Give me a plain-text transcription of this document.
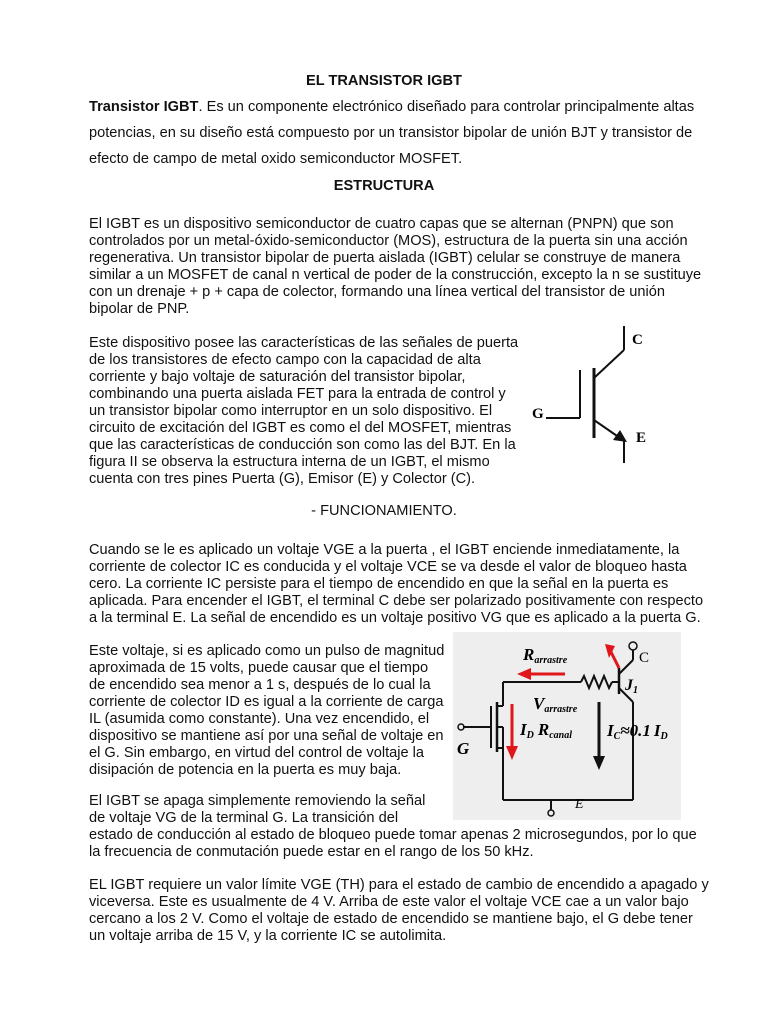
EL TRANSISTOR IGBT
Transistor IGBT. Es un componente electrónico diseñado para controlar principalmente altas
potencias, en su diseño está compuesto por un transistor bipolar de unión BJT y transistor de
efecto de campo de metal oxido semiconductor MOSFET.
ESTRUCTURA
El IGBT es un dispositivo semiconductor de cuatro capas que se alternan (PNPN) que son
controlados por un metal-óxido-semiconductor (MOS), estructura de la puerta sin una acción
regenerativa. Un transistor bipolar de puerta aislada (IGBT) celular se construye de manera
similar a un MOSFET de canal n vertical de poder de la construcción, excepto la n se sustituye
con un drenaje + p + capa de colector, formando una línea vertical del transistor de unión
bipolar de PNP.
Este dispositivo posee las características de las señales de puerta
de los transistores de efecto campo con la capacidad de alta
corriente y bajo voltaje de saturación del transistor bipolar,
combinando una puerta aislada FET para la entrada de control y
un transistor bipolar como interruptor en un solo dispositivo. El
circuito de excitación del IGBT es como el del MOSFET, mientras
que las características de conducción son como las del BJT. En la
figura II se observa la estructura interna de un IGBT, el mismo
cuenta con tres pines Puerta (G), Emisor (E) y Colector (C).
C
G
E
- FUNCIONAMIENTO.
Cuando se le es aplicado un voltaje VGE a la puerta , el IGBT enciende inmediatamente, la
corriente de colector IC es conducida y el voltaje VCE se va desde el valor de bloqueo hasta
cero. La corriente IC persiste para el tiempo de encendido en que la señal en la puerta es
aplicada. Para encender el IGBT, el terminal C debe ser polarizado positivamente con respecto
a la terminal E. La señal de encendido es un voltaje positivo VG que es aplicado a la puerta G.
Este voltaje, si es aplicado como un pulso de magnitud
aproximada de 15 volts, puede causar que el tiempo
de encendido sea menor a 1 s, después de lo cual la
corriente de colector ID es igual a la corriente de carga
IL (asumida como constante). Una vez encendido, el
dispositivo se mantiene así por una señal de voltaje en
el G. Sin embargo, en virtud del control de voltaje la
disipación de potencia en la puerta es muy baja.
Rarrastre	C
J1
Varrastre
ID Rcanal IC≈0.1 ID
G
E
El IGBT se apaga simplemente removiendo la señal
de voltaje VG de la terminal G. La transición del
estado de conducción al estado de bloqueo puede tomar apenas 2 microsegundos, por lo que
la frecuencia de conmutación puede estar en el rango de los 50 kHz.
EL IGBT requiere un valor límite VGE (TH) para el estado de cambio de encendido a apagado y
viceversa. Este es usualmente de 4 V. Arriba de este valor el voltaje VCE cae a un valor bajo
cercano a los 2 V. Como el voltaje de estado de encendido se mantiene bajo, el G debe tener
un voltaje arriba de 15 V, y la corriente IC se autolimita.
